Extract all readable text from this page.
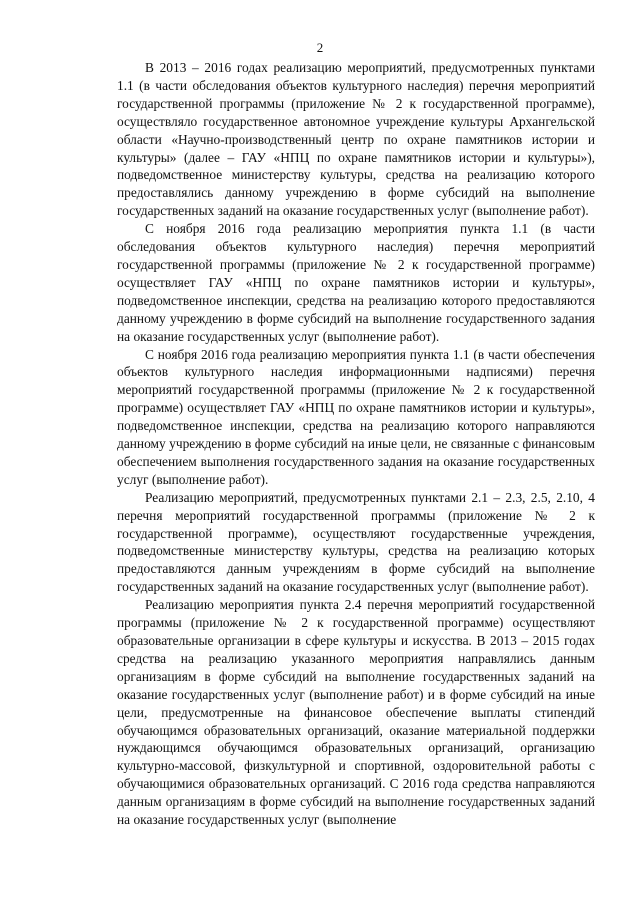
2

В 2013 – 2016 годах реализацию мероприятий, предусмотренных пунктами 1.1 (в части обследования объектов культурного наследия) перечня мероприятий государственной программы (приложение № 2 к государственной программе), осуществляло государственное автономное учреждение культуры Архангельской области «Научно-производственный центр по охране памятников истории и культуры» (далее – ГАУ «НПЦ по охране памятников истории и культуры»), подведомственное министерству культуры, средства на реализацию которого предоставлялись данному учреждению в форме субсидий на выполнение государственных заданий на оказание государственных услуг (выполнение работ).

С ноября 2016 года реализацию мероприятия пункта 1.1 (в части обследования объектов культурного наследия) перечня мероприятий государственной программы (приложение № 2 к государственной программе) осуществляет ГАУ «НПЦ по охране памятников истории и культуры», подведомственное инспекции, средства на реализацию которого предоставляются данному учреждению в форме субсидий на выполнение государственного задания на оказание государственных услуг (выполнение работ).

С ноября 2016 года реализацию мероприятия пункта 1.1 (в части обеспечения объектов культурного наследия информационными надписями) перечня мероприятий государственной программы (приложение № 2 к государственной программе) осуществляет ГАУ «НПЦ по охране памятников истории и культуры», подведомственное инспекции, средства на реализацию которого направляются данному учреждению в форме субсидий на иные цели, не связанные с финансовым обеспечением выполнения государственного задания на оказание государственных услуг (выполнение работ).

Реализацию мероприятий, предусмотренных пунктами 2.1 – 2.3, 2.5, 2.10, 4 перечня мероприятий государственной программы (приложение № 2 к государственной программе), осуществляют государственные учреждения, подведомственные министерству культуры, средства на реализацию которых предоставляются данным учреждениям в форме субсидий на выполнение государственных заданий на оказание государственных услуг (выполнение работ).

Реализацию мероприятия пункта 2.4 перечня мероприятий государственной программы (приложение № 2 к государственной программе) осуществляют образовательные организации в сфере культуры и искусства. В 2013 – 2015 годах средства на реализацию указанного мероприятия направлялись данным организациям в форме субсидий на выполнение государственных заданий на оказание государственных услуг (выполнение работ) и в форме субсидий на иные цели, предусмотренные на финансовое обеспечение выплаты стипендий обучающимся образовательных организаций, оказание материальной поддержки нуждающимся обучающимся образовательных организаций, организацию культурно-массовой, физкультурной и спортивной, оздоровительной работы с обучающимися образовательных организаций. С 2016 года средства направляются данным организациям в форме субсидий на выполнение государственных заданий на оказание государственных услуг (выполнение
